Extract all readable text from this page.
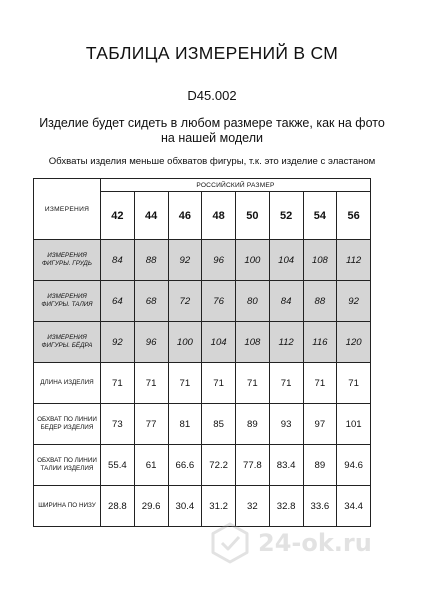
ТАБЛИЦА ИЗМЕРЕНИЙ В СМ
D45.002
Изделие будет сидеть в любом размере также, как на фото на нашей модели
Обхваты изделия меньше обхватов фигуры, т.к. это изделие с эластаном
ИЗМЕРЕНИЯ	РОССИЙСКИЙ РАЗМЕР							
	42	44	46	48	50	52	54	56
ИЗМЕРЕНИЯ ФИГУРЫ. ГРУДЬ	84	88	92	96	100	104	108	112
ИЗМЕРЕНИЯ ФИГУРЫ. ТАЛИЯ	64	68	72	76	80	84	88	92
ИЗМЕРЕНИЯ ФИГУРЫ. БЁДРА	92	96	100	104	108	112	116	120
ДЛИНА ИЗДЕЛИЯ	71	71	71	71	71	71	71	71
ОБХВАТ ПО ЛИНИИ БЕДЕР ИЗДЕЛИЯ	73	77	81	85	89	93	97	101
ОБХВАТ ПО ЛИНИИ ТАЛИИ ИЗДЕЛИЯ	55.4	61	66.6	72.2	77.8	83.4	89	94.6
ШИРИНА ПО НИЗУ	28.8	29.6	30.4	31.2	32	32.8	33.6	34.4
24-ok.ru
